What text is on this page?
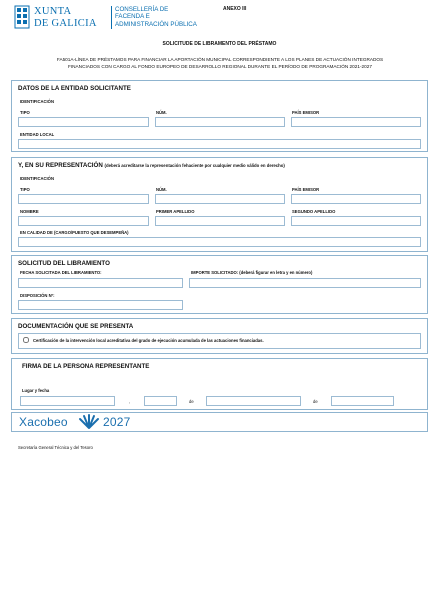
XUNTA
DE GALICIA
CONSELLERÍA DE
FACENDA E
ADMINISTRACIÓN PÚBLICA
ANEXO III
SOLICITUDE DE LIBRAMENTO DEL PRÉSTAMO
FA501A-LÍNEA DE PRÉSTAMOS PARA FINANCIAR LA APORTACIÓN MUNICIPAL CORRESPONDIENTE A LOS PLANES DE ACTUACIÓN INTEGRADOS
FINANCIADOS CON CARGO AL FONDO EUROPEO DE DESARROLLO REGIONAL DURANTE EL PERÍODO DE PROGRAMACIÓN 2021-2027
DATOS DE LA ENTIDAD SOLICITANTE
IDENTIFICACIÓN
TIPO	NÚM.	PAÍS EMISOR
ENTIDAD LOCAL
Y, EN SU REPRESENTACIÓN (deberá acreditarse la representación fehaciente por cualquier medio válido en derecho)
IDENTIFICACIÓN
TIPO	NÚM.	PAÍS EMISOR
NOMBRE	PRIMER APELLIDO	SEGUNDO APELLIDO
EN CALIDAD DE (CARGO/PUESTO QUE DESEMPEÑA)
SOLICITUD DEL LIBRAMIENTO
FECHA SOLICITADA DEL LIBRAMIENTO:	IMPORTE SOLICITADO: (deberá figurar en letra y en número)
DISPOSICIÓN Nº:
DOCUMENTACIÓN QUE SE PRESENTA
Certificación de la intervención local acreditativa del grado de ejecución acumulada de las actuaciones financiadas.
FIRMA DE LA PERSONA REPRESENTANTE
Lugar y fecha
,	de	de
Xacobeo	2027
Secretaría General Técnica y del Tesoro
